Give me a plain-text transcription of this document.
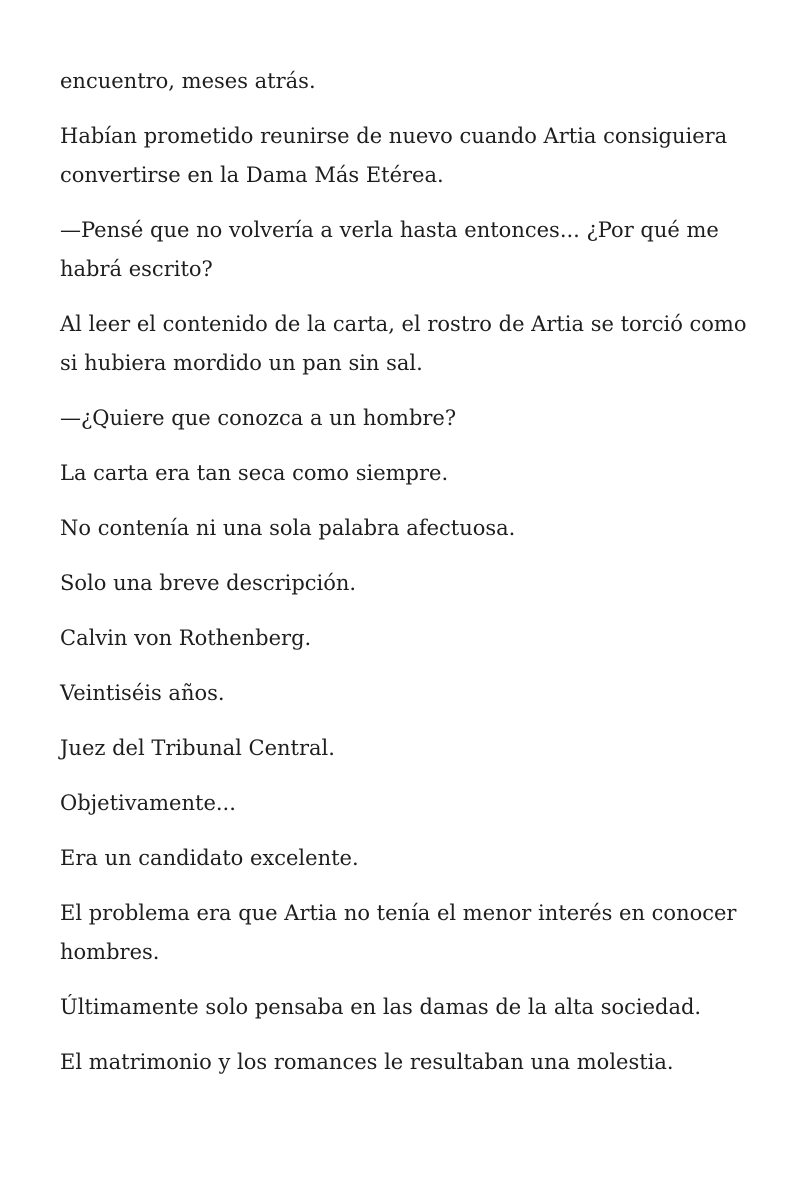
encuentro, meses atrás.

Habían prometido reunirse de nuevo cuando Artia consiguiera convertirse en la Dama Más Etérea.

—Pensé que no volvería a verla hasta entonces... ¿Por qué me habrá escrito?

Al leer el contenido de la carta, el rostro de Artia se torció como si hubiera mordido un pan sin sal.

—¿Quiere que conozca a un hombre?

La carta era tan seca como siempre.

No contenía ni una sola palabra afectuosa.

Solo una breve descripción.

Calvin von Rothenberg.

Veintiséis años.

Juez del Tribunal Central.

Objetivamente...

Era un candidato excelente.

El problema era que Artia no tenía el menor interés en conocer hombres.

Últimamente solo pensaba en las damas de la alta sociedad.

El matrimonio y los romances le resultaban una molestia.
